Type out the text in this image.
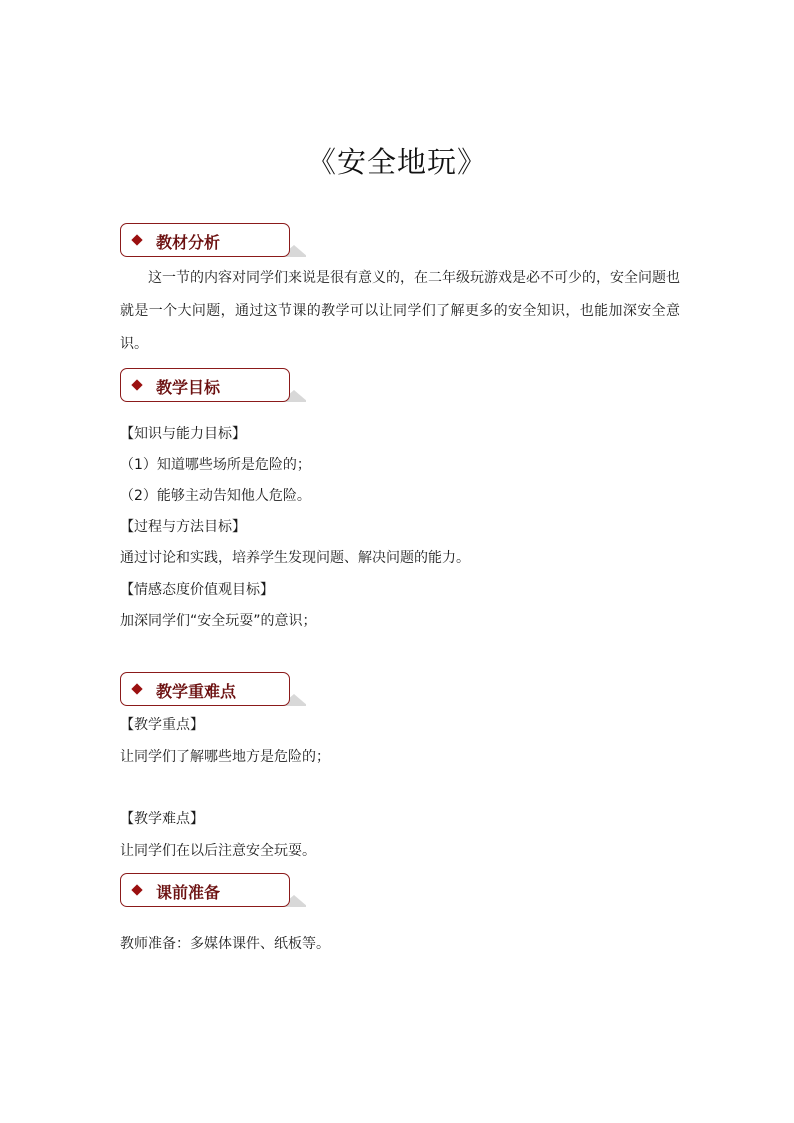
《安全地玩》
教材分析
这一节的内容对同学们来说是很有意义的，在二年级玩游戏是必不可少的，安全问题也就是一个大问题，通过这节课的教学可以让同学们了解更多的安全知识，也能加深安全意识。
教学目标
【知识与能力目标】
（1）知道哪些场所是危险的；
（2）能够主动告知他人危险。
【过程与方法目标】
通过讨论和实践，培养学生发现问题、解决问题的能力。
【情感态度价值观目标】
加深同学们“安全玩耍”的意识；
教学重难点
【教学重点】
让同学们了解哪些地方是危险的；
【教学难点】
让同学们在以后注意安全玩耍。
课前准备
教师准备：多媒体课件、纸板等。
